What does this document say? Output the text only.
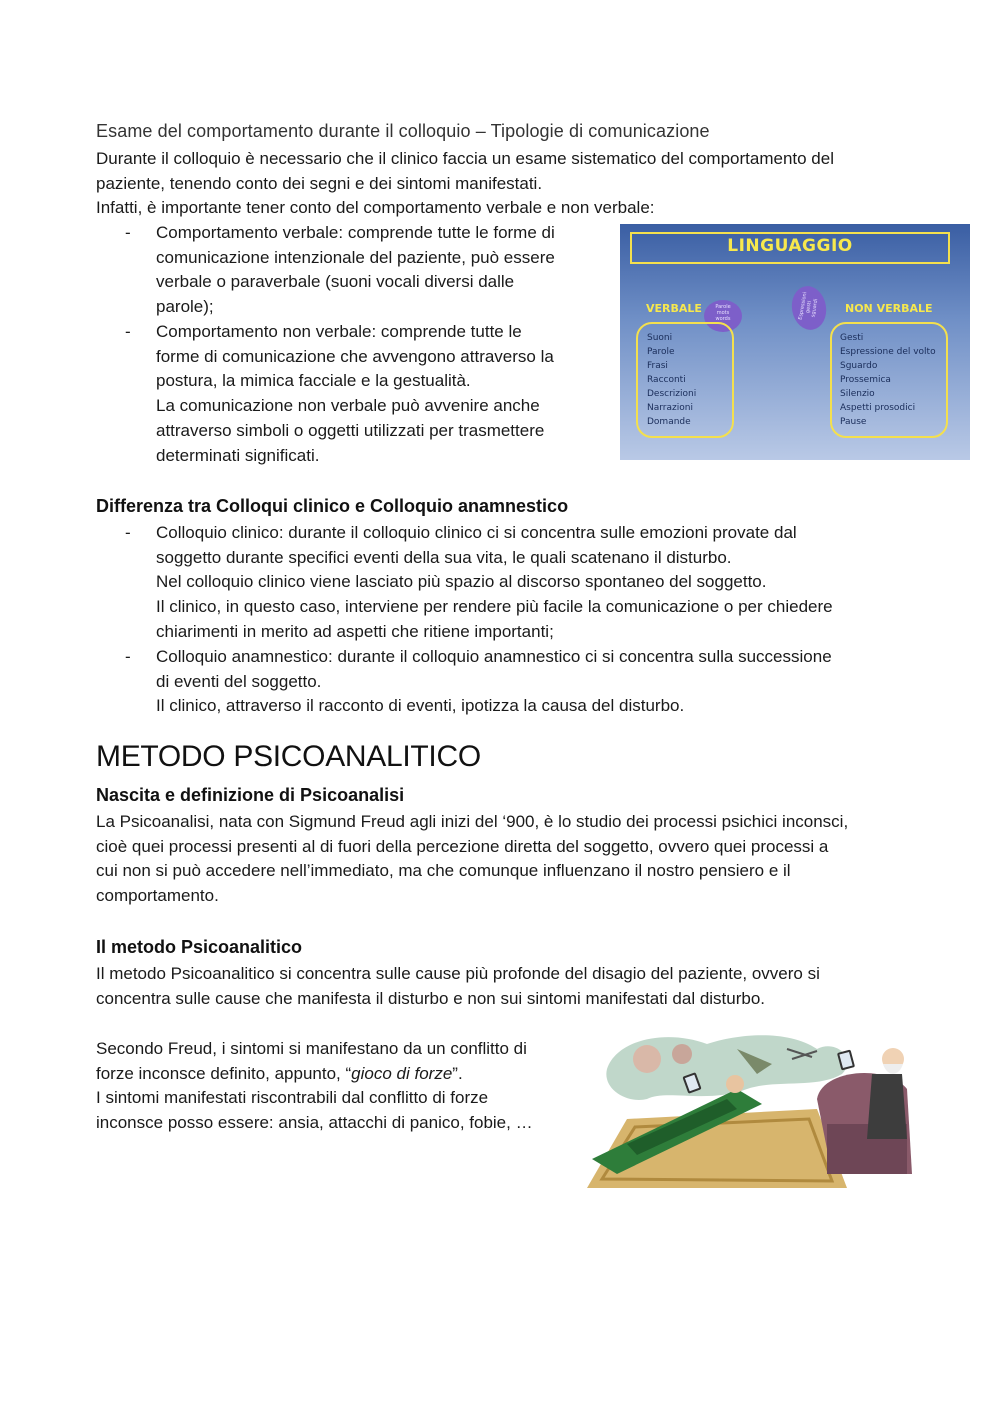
Esame del comportamento durante il colloquio – Tipologie di comunicazione
Durante il colloquio è necessario che il clinico faccia un esame sistematico del comportamento del
paziente, tenendo conto dei segni e dei sintomi manifestati.
Infatti, è importante tener conto del comportamento verbale e non verbale:
- Comportamento verbale: comprende tutte le forme di
comunicazione intenzionale del paziente, può essere
verbale o paraverbale (suoni vocali diversi dalle
parole);
- Comportamento non verbale: comprende tutte le
forme di comunicazione che avvengono attraverso la
postura, la mimica facciale e la gestualità.
La comunicazione non verbale può avvenire anche
attraverso simboli o oggetti utilizzati per trasmettere
determinati significati.
LINGUAGGIO
VERBALE	NON VERBALE
Parole
mots
words	Espressioni
gesti
sguardi
Suoni
Parole
Frasi
Racconti
Descrizioni
Narrazioni
Domande
Gesti
Espressione del volto
Sguardo
Prossemica
Silenzio
Aspetti prosodici
Pause
Differenza tra Colloqui clinico e Colloquio anamnestico
- Colloquio clinico: durante il colloquio clinico ci si concentra sulle emozioni provate dal
soggetto durante specifici eventi della sua vita, le quali scatenano il disturbo.
Nel colloquio clinico viene lasciato più spazio al discorso spontaneo del soggetto.
Il clinico, in questo caso, interviene per rendere più facile la comunicazione o per chiedere
chiarimenti in merito ad aspetti che ritiene importanti;
- Colloquio anamnestico: durante il colloquio anamnestico ci si concentra sulla successione
di eventi del soggetto.
Il clinico, attraverso il racconto di eventi, ipotizza la causa del disturbo.
METODO PSICOANALITICO
Nascita e definizione di Psicoanalisi
La Psicoanalisi, nata con Sigmund Freud agli inizi del ‘900, è lo studio dei processi psichici inconsci,
cioè quei processi presenti al di fuori della percezione diretta del soggetto, ovvero quei processi a
cui non si può accedere nell’immediato, ma che comunque influenzano il nostro pensiero e il
comportamento.
Il metodo Psicoanalitico
Il metodo Psicoanalitico si concentra sulle cause più profonde del disagio del paziente, ovvero si
concentra sulle cause che manifesta il disturbo e non sui sintomi manifestati dal disturbo.
Secondo Freud, i sintomi si manifestano da un conflitto di
forze inconsce definito, appunto, “gioco di forze”.
I sintomi manifestati riscontrabili dal conflitto di forze
inconsce posso essere: ansia, attacchi di panico, fobie, …
